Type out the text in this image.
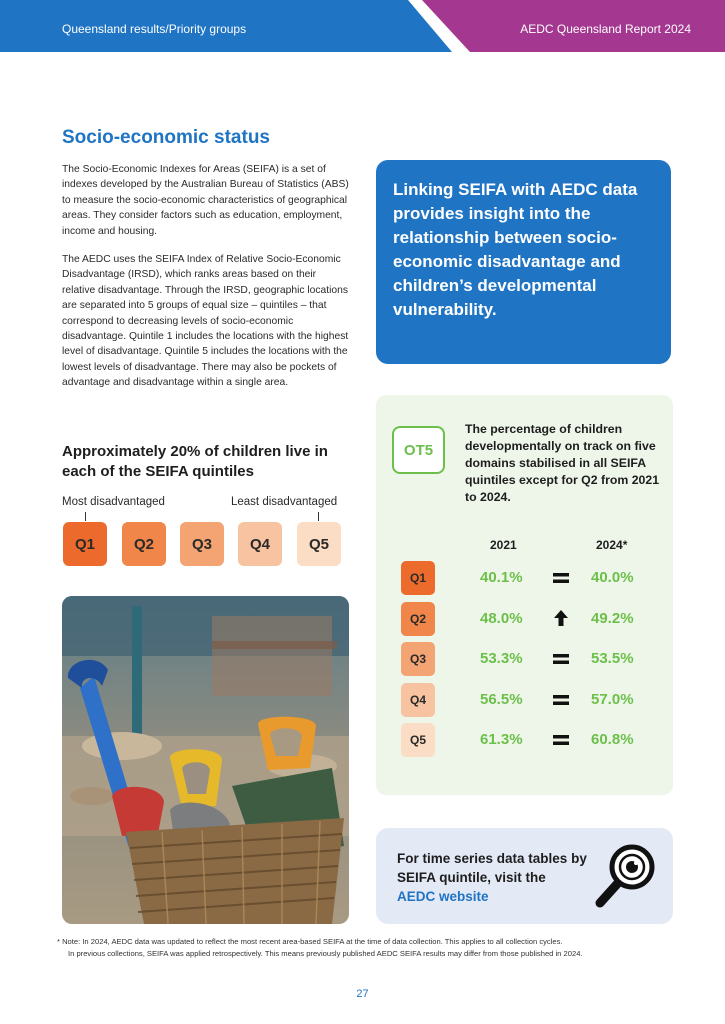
Queensland results/Priority groups	AEDC Queensland Report 2024
Socio-economic status

The Socio-Economic Indexes for Areas (SEIFA) is a set of indexes developed by the Australian Bureau of Statistics (ABS) to measure the socio-economic characteristics of geographical areas. They consider factors such as education, employment, income and housing.

The AEDC uses the SEIFA Index of Relative Socio-Economic Disadvantage (IRSD), which ranks areas based on their relative disadvantage. Through the IRSD, geographic locations are separated into 5 groups of equal size – quintiles – that correspond to decreasing levels of socio-economic disadvantage. Quintile 1 includes the locations with the highest level of disadvantage. Quintile 5 includes the locations with the lowest levels of disadvantage. There may also be pockets of advantage and disadvantage within a single area.

Approximately 20% of children live in each of the SEIFA quintiles
Most disadvantaged	Least disadvantaged
Q1	Q2	Q3	Q4	Q5
Linking SEIFA with AEDC data provides insight into the relationship between socio-economic disadvantage and children’s developmental vulnerability.
OT5
The percentage of children developmentally on track on five domains stabilised in all SEIFA quintiles except for Q2 from 2021 to 2024.
2021	2024*
Q1	40.1%	40.0%
Q2	48.0%	49.2%
Q3	53.3%	53.5%
Q4	56.5%	57.0%
Q5	61.3%	60.8%
For time series data tables by SEIFA quintile, visit the AEDC website
* Note: In 2024, AEDC data was updated to reflect the most recent area-based SEIFA at the time of data collection. This applies to all collection cycles.
In previous collections, SEIFA was applied retrospectively. This means previously published AEDC SEIFA results may differ from those published in 2024.
27
